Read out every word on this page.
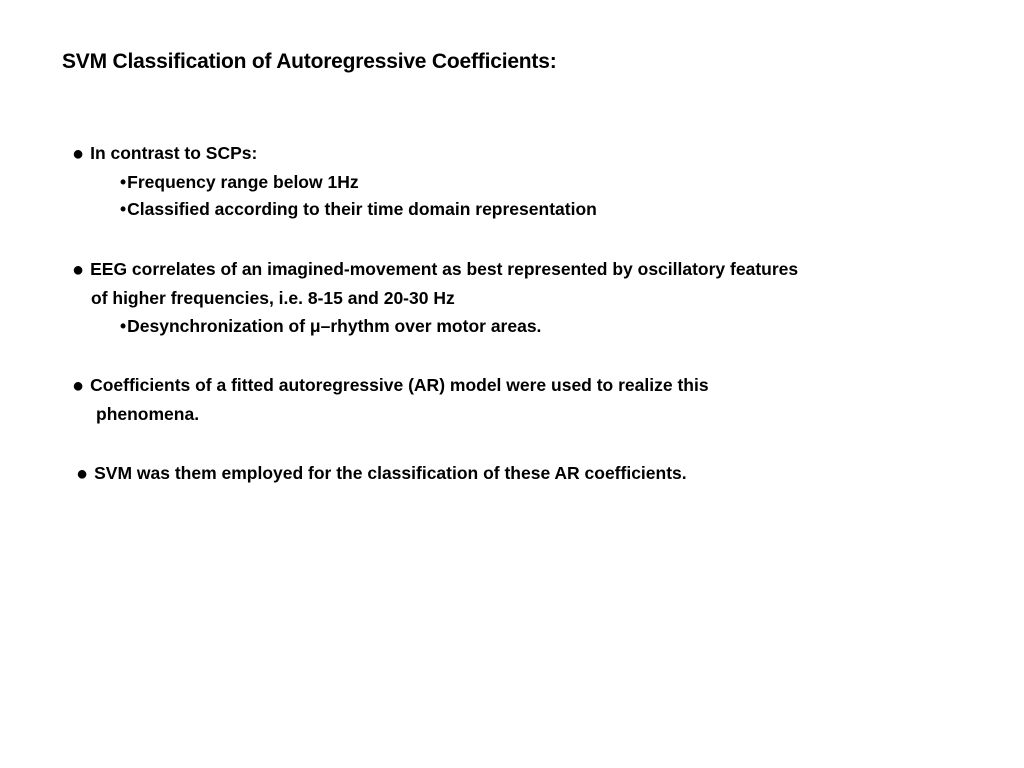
SVM Classification of Autoregressive Coefficients:
● In contrast to SCPs:
•Frequency range below 1Hz
•Classified according to their time domain representation
● EEG correlates of an imagined-movement as best represented by oscillatory features
of higher frequencies, i.e. 8-15 and 20-30 Hz
•Desynchronization of μ–rhythm over motor areas.
● Coefficients of a fitted autoregressive (AR) model were used to realize this
phenomena.
● SVM was them employed for the classification of these AR coefficients.
